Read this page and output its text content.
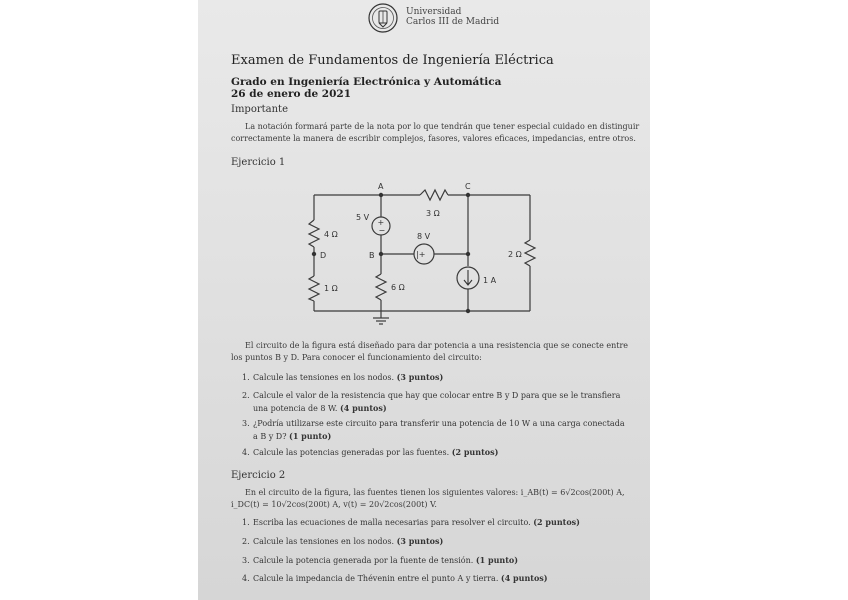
Universidad
Carlos III de Madrid
Examen de Fundamentos de Ingeniería Eléctrica
Grado en Ingeniería Electrónica y Automática
26 de enero de 2021
Importante
La notación formará parte de la nota por lo que tendrán que tener especial cuidado en distinguir
correctamente la manera de escribir complejos, fasores, valores eficaces, impedancias, entre otros.
Ejercicio 1
A	C
B
D
5 V
8 V
3 Ω
4 Ω
1 Ω	6 Ω
2 Ω
1 A
+
−
|+
El circuito de la figura está diseñado para dar potencia a una resistencia que se conecte entre
los puntos B y D. Para conocer el funcionamiento del circuito:
1. Calcule las tensiones en los nodos. (3 puntos)
2. Calcule el valor de la resistencia que hay que colocar entre B y D para que se le transfiera
una potencia de 8 W. (4 puntos)
3. ¿Podría utilizarse este circuito para transferir una potencia de 10 W a una carga conectada
a B y D? (1 punto)
4. Calcule las potencias generadas por las fuentes. (2 puntos)
Ejercicio 2
En el circuito de la figura, las fuentes tienen los siguientes valores: i_AB(t) = 6√2cos(200t) A,
i_DC(t) = 10√2cos(200t) A, v(t) = 20√2cos(200t) V.
1. Escriba las ecuaciones de malla necesarias para resolver el circuito. (2 puntos)
2. Calcule las tensiones en los nodos. (3 puntos)
3. Calcule la potencia generada por la fuente de tensión. (1 punto)
4. Calcule la impedancia de Thévenin entre el punto A y tierra. (4 puntos)
